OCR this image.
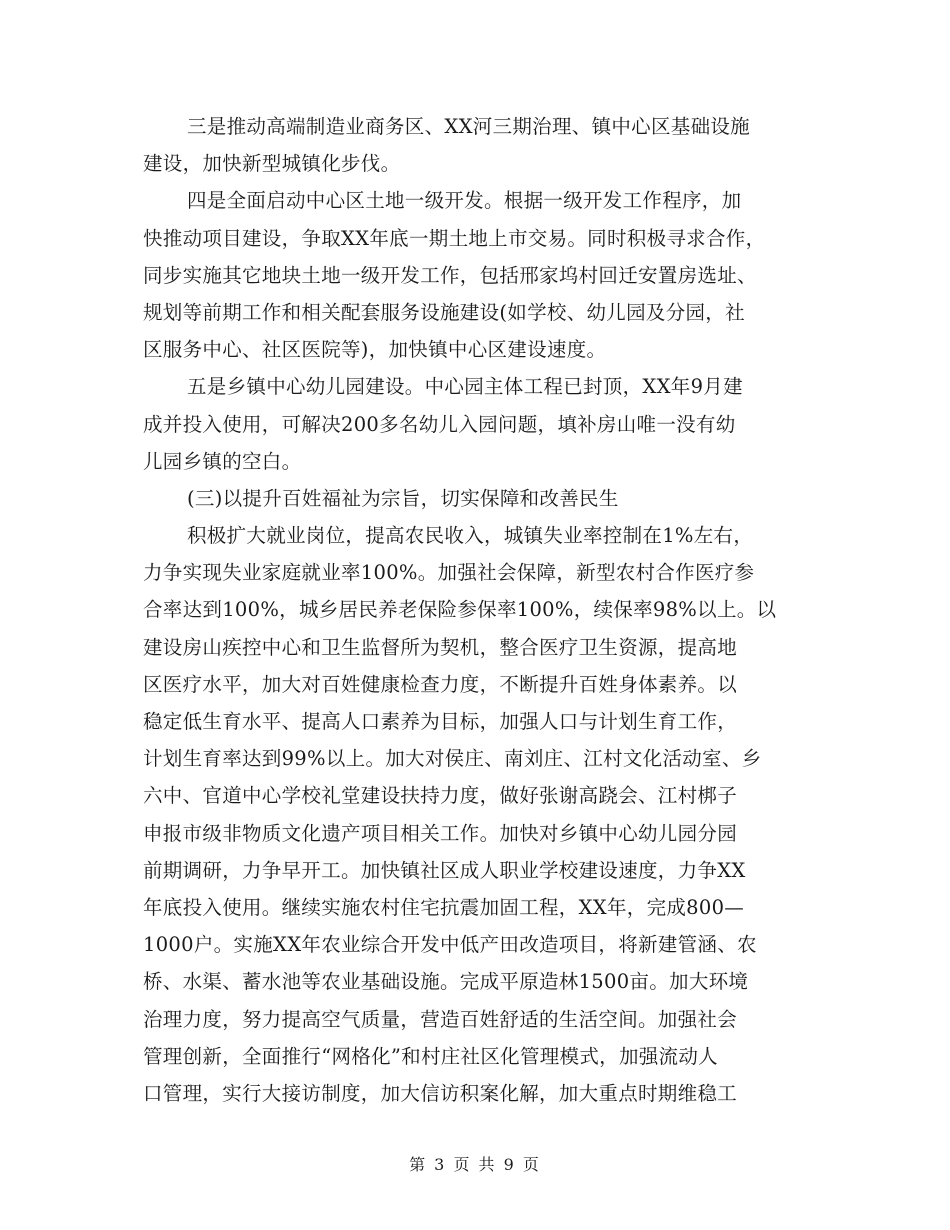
三是推动高端制造业商务区、XX河三期治理、镇中心区基础设施
建设，加快新型城镇化步伐。
四是全面启动中心区土地一级开发。根据一级开发工作程序，加
快推动项目建设，争取XX年底一期土地上市交易。同时积极寻求合作，
同步实施其它地块土地一级开发工作，包括邢家坞村回迁安置房选址、
规划等前期工作和相关配套服务设施建设(如学校、幼儿园及分园，社
区服务中心、社区医院等)，加快镇中心区建设速度。
五是乡镇中心幼儿园建设。中心园主体工程已封顶，XX年9月建
成并投入使用，可解决200多名幼儿入园问题，填补房山唯一没有幼
儿园乡镇的空白。
(三)以提升百姓福祉为宗旨，切实保障和改善民生
积极扩大就业岗位，提高农民收入，城镇失业率控制在1%左右，
力争实现失业家庭就业率100%。加强社会保障，新型农村合作医疗参
合率达到100%，城乡居民养老保险参保率100%，续保率98%以上。以
建设房山疾控中心和卫生监督所为契机，整合医疗卫生资源，提高地
区医疗水平，加大对百姓健康检查力度，不断提升百姓身体素养。以
稳定低生育水平、提高人口素养为目标，加强人口与计划生育工作，
计划生育率达到99%以上。加大对侯庄、南刘庄、江村文化活动室、乡
六中、官道中心学校礼堂建设扶持力度，做好张谢高跷会、江村梆子
申报市级非物质文化遗产项目相关工作。加快对乡镇中心幼儿园分园
前期调研，力争早开工。加快镇社区成人职业学校建设速度，力争XX
年底投入使用。继续实施农村住宅抗震加固工程，XX年，完成800—
1000户。实施XX年农业综合开发中低产田改造项目，将新建管涵、农
桥、水渠、蓄水池等农业基础设施。完成平原造林1500亩。加大环境
治理力度，努力提高空气质量，营造百姓舒适的生活空间。加强社会
管理创新，全面推行“网格化”和村庄社区化管理模式，加强流动人
口管理，实行大接访制度，加大信访积案化解，加大重点时期维稳工
第 3 页 共 9 页
